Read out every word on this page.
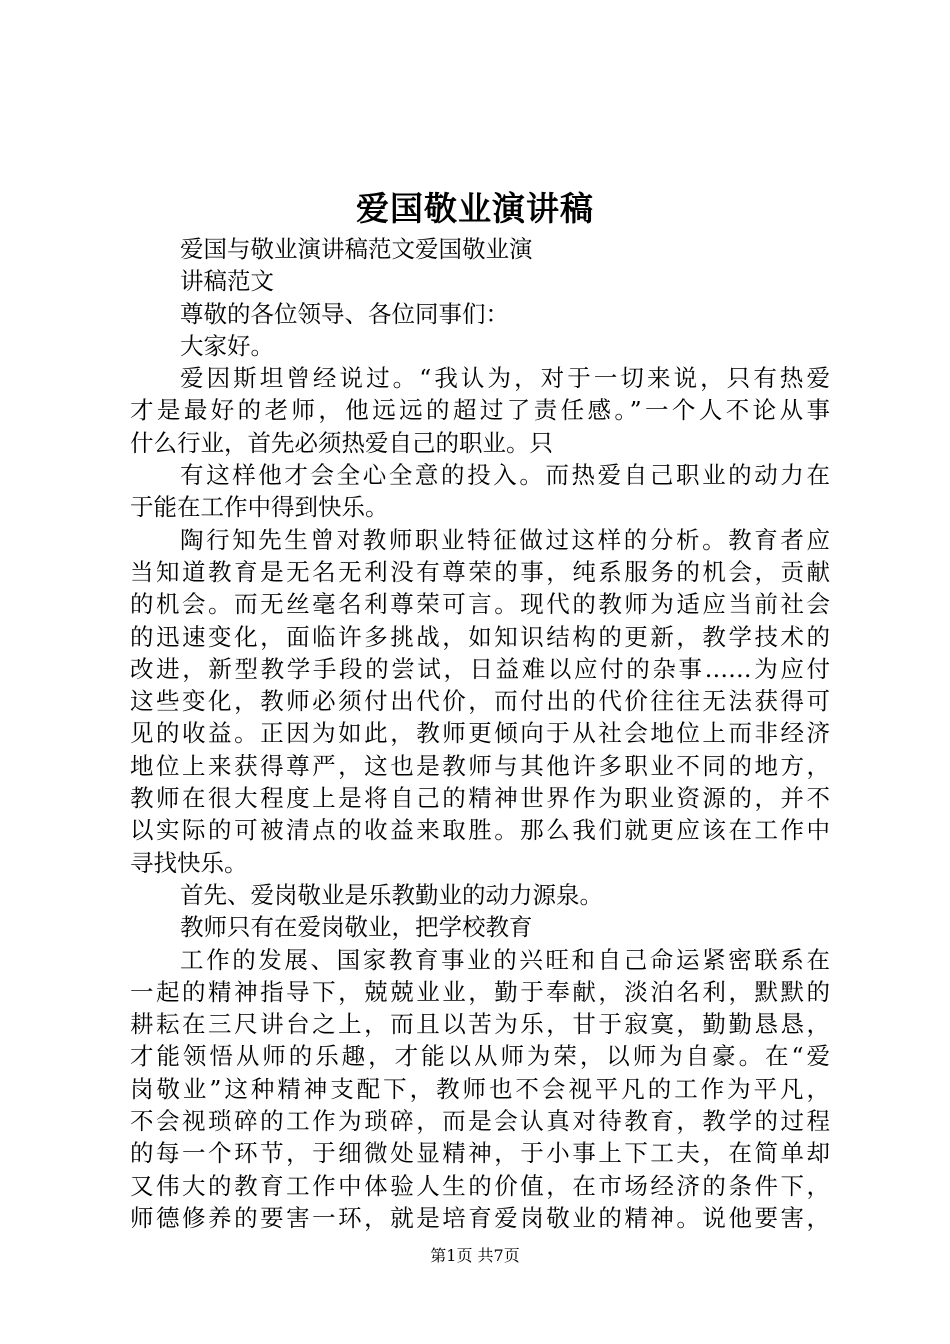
爱国敬业演讲稿
爱国与敬业演讲稿范文爱国敬业演
讲稿范文
尊敬的各位领导、各位同事们：
大家好。
爱因斯坦曾经说过。“我认为，对于一切来说，只有热爱
才是最好的老师，他远远的超过了责任感。”一个人不论从事
什么行业，首先必须热爱自己的职业。只
有这样他才会全心全意的投入。而热爱自己职业的动力在
于能在工作中得到快乐。
陶行知先生曾对教师职业特征做过这样的分析。教育者应
当知道教育是无名无利没有尊荣的事，纯系服务的机会，贡献
的机会。而无丝毫名利尊荣可言。现代的教师为适应当前社会
的迅速变化，面临许多挑战，如知识结构的更新，教学技术的
改进，新型教学手段的尝试，日益难以应付的杂事……为应付
这些变化，教师必须付出代价，而付出的代价往往无法获得可
见的收益。正因为如此，教师更倾向于从社会地位上而非经济
地位上来获得尊严，这也是教师与其他许多职业不同的地方，
教师在很大程度上是将自己的精神世界作为职业资源的，并不
以实际的可被清点的收益来取胜。那么我们就更应该在工作中
寻找快乐。
首先、爱岗敬业是乐教勤业的动力源泉。
教师只有在爱岗敬业，把学校教育
工作的发展、国家教育事业的兴旺和自己命运紧密联系在
一起的精神指导下，兢兢业业，勤于奉献，淡泊名利，默默的
耕耘在三尺讲台之上，而且以苦为乐，甘于寂寞，勤勤恳恳，
才能领悟从师的乐趣，才能以从师为荣，以师为自豪。在“爱
岗敬业”这种精神支配下，教师也不会视平凡的工作为平凡，
不会视琐碎的工作为琐碎，而是会认真对待教育，教学的过程
的每一个环节，于细微处显精神，于小事上下工夫，在简单却
又伟大的教育工作中体验人生的价值，在市场经济的条件下，
师德修养的要害一环，就是培育爱岗敬业的精神。说他要害，
第1页 共7页
